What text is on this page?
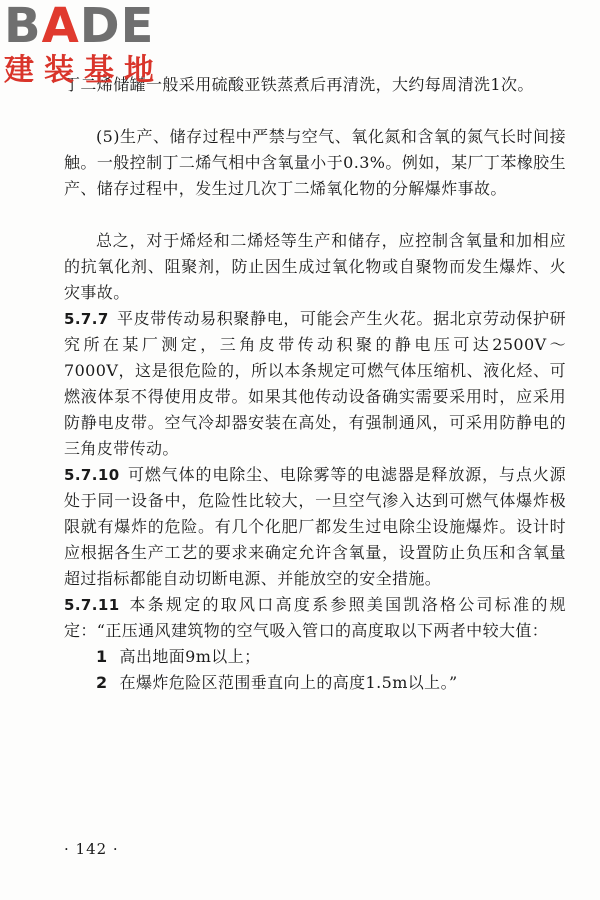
BADE
建装基地
丁二烯储罐一般采用硫酸亚铁蒸煮后再清洗，大约每周清洗1次。
(5)生产、储存过程中严禁与空气、氧化氮和含氧的氮气长时间接触。一般控制丁二烯气相中含氧量小于0.3%。例如，某厂丁苯橡胶生产、储存过程中，发生过几次丁二烯氧化物的分解爆炸事故。
总之，对于烯烃和二烯烃等生产和储存，应控制含氧量和加相应的抗氧化剂、阻聚剂，防止因生成过氧化物或自聚物而发生爆炸、火灾事故。
5.7.7 平皮带传动易积聚静电，可能会产生火花。据北京劳动保护研究所在某厂测定，三角皮带传动积聚的静电压可达2500V～7000V，这是很危险的，所以本条规定可燃气体压缩机、液化烃、可燃液体泵不得使用皮带。如果其他传动设备确实需要采用时，应采用防静电皮带。空气冷却器安装在高处，有强制通风，可采用防静电的三角皮带传动。
5.7.10 可燃气体的电除尘、电除雾等的电滤器是释放源，与点火源处于同一设备中，危险性比较大，一旦空气渗入达到可燃气体爆炸极限就有爆炸的危险。有几个化肥厂都发生过电除尘设施爆炸。设计时应根据各生产工艺的要求来确定允许含氧量，设置防止负压和含氧量超过指标都能自动切断电源、并能放空的安全措施。
5.7.11 本条规定的取风口高度系参照美国凯洛格公司标准的规定：“正压通风建筑物的空气吸入管口的高度取以下两者中较大值：
1 高出地面9m以上；
2 在爆炸危险区范围垂直向上的高度1.5m以上。”
· 142 ·
